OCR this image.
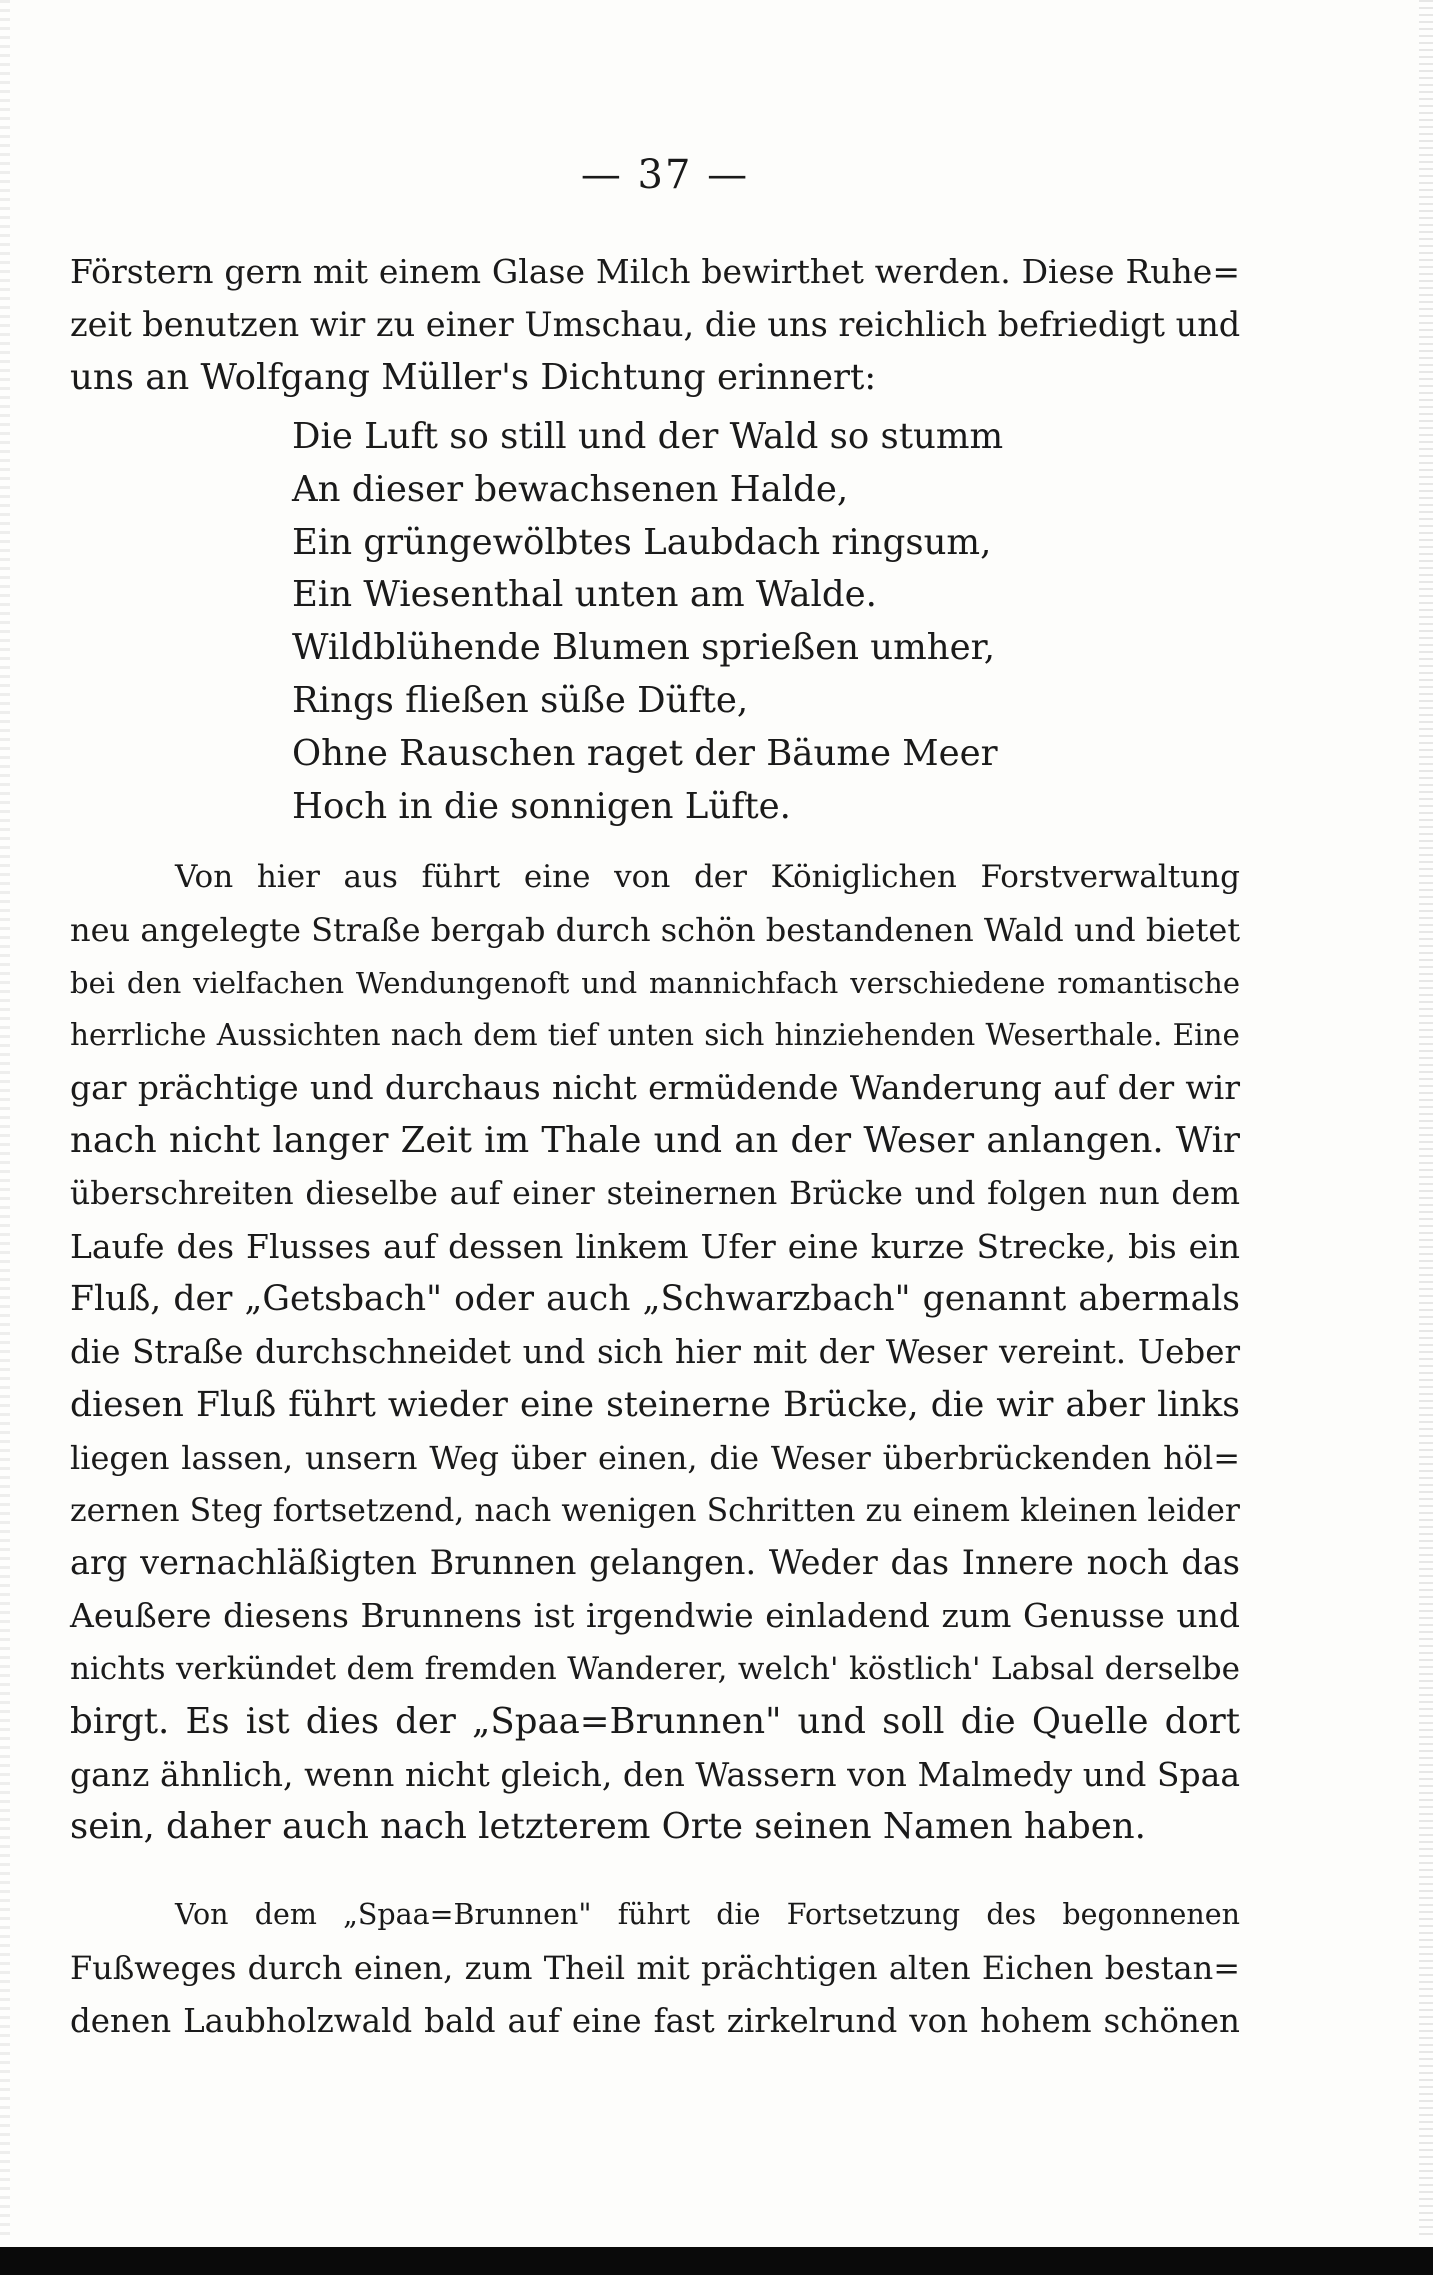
— 37 —
Förstern gern mit einem Glase Milch bewirthet werden. Diese Ruhe=
zeit benutzen wir zu einer Umschau, die uns reichlich befriedigt und
uns an Wolfgang Müller's Dichtung erinnert:
Die Luft so still und der Wald so stumm
An dieser bewachsenen Halde,
Ein grüngewölbtes Laubdach ringsum,
Ein Wiesenthal unten am Walde.
Wildblühende Blumen sprießen umher,
Rings fließen süße Düfte,
Ohne Rauschen raget der Bäume Meer
Hoch in die sonnigen Lüfte.
Von hier aus führt eine von der Königlichen Forstverwaltung
neu angelegte Straße bergab durch schön bestandenen Wald und bietet
bei den vielfachen Wendungenoft und mannichfach verschiedene romantische
herrliche Aussichten nach dem tief unten sich hinziehenden Weserthale. Eine
gar prächtige und durchaus nicht ermüdende Wanderung auf der wir
nach nicht langer Zeit im Thale und an der Weser anlangen. Wir
überschreiten dieselbe auf einer steinernen Brücke und folgen nun dem
Laufe des Flusses auf dessen linkem Ufer eine kurze Strecke, bis ein
Fluß, der „Getsbach" oder auch „Schwarzbach" genannt abermals
die Straße durchschneidet und sich hier mit der Weser vereint. Ueber
diesen Fluß führt wieder eine steinerne Brücke, die wir aber links
liegen lassen, unsern Weg über einen, die Weser überbrückenden höl=
zernen Steg fortsetzend, nach wenigen Schritten zu einem kleinen leider
arg vernachläßigten Brunnen gelangen. Weder das Innere noch das
Aeußere diesens Brunnens ist irgendwie einladend zum Genusse und
nichts verkündet dem fremden Wanderer, welch' köstlich' Labsal derselbe
birgt. Es ist dies der „Spaa=Brunnen" und soll die Quelle dort
ganz ähnlich, wenn nicht gleich, den Wassern von Malmedy und Spaa
sein, daher auch nach letzterem Orte seinen Namen haben.
Von dem „Spaa=Brunnen" führt die Fortsetzung des begonnenen
Fußweges durch einen, zum Theil mit prächtigen alten Eichen bestan=
denen Laubholzwald bald auf eine fast zirkelrund von hohem schönen
